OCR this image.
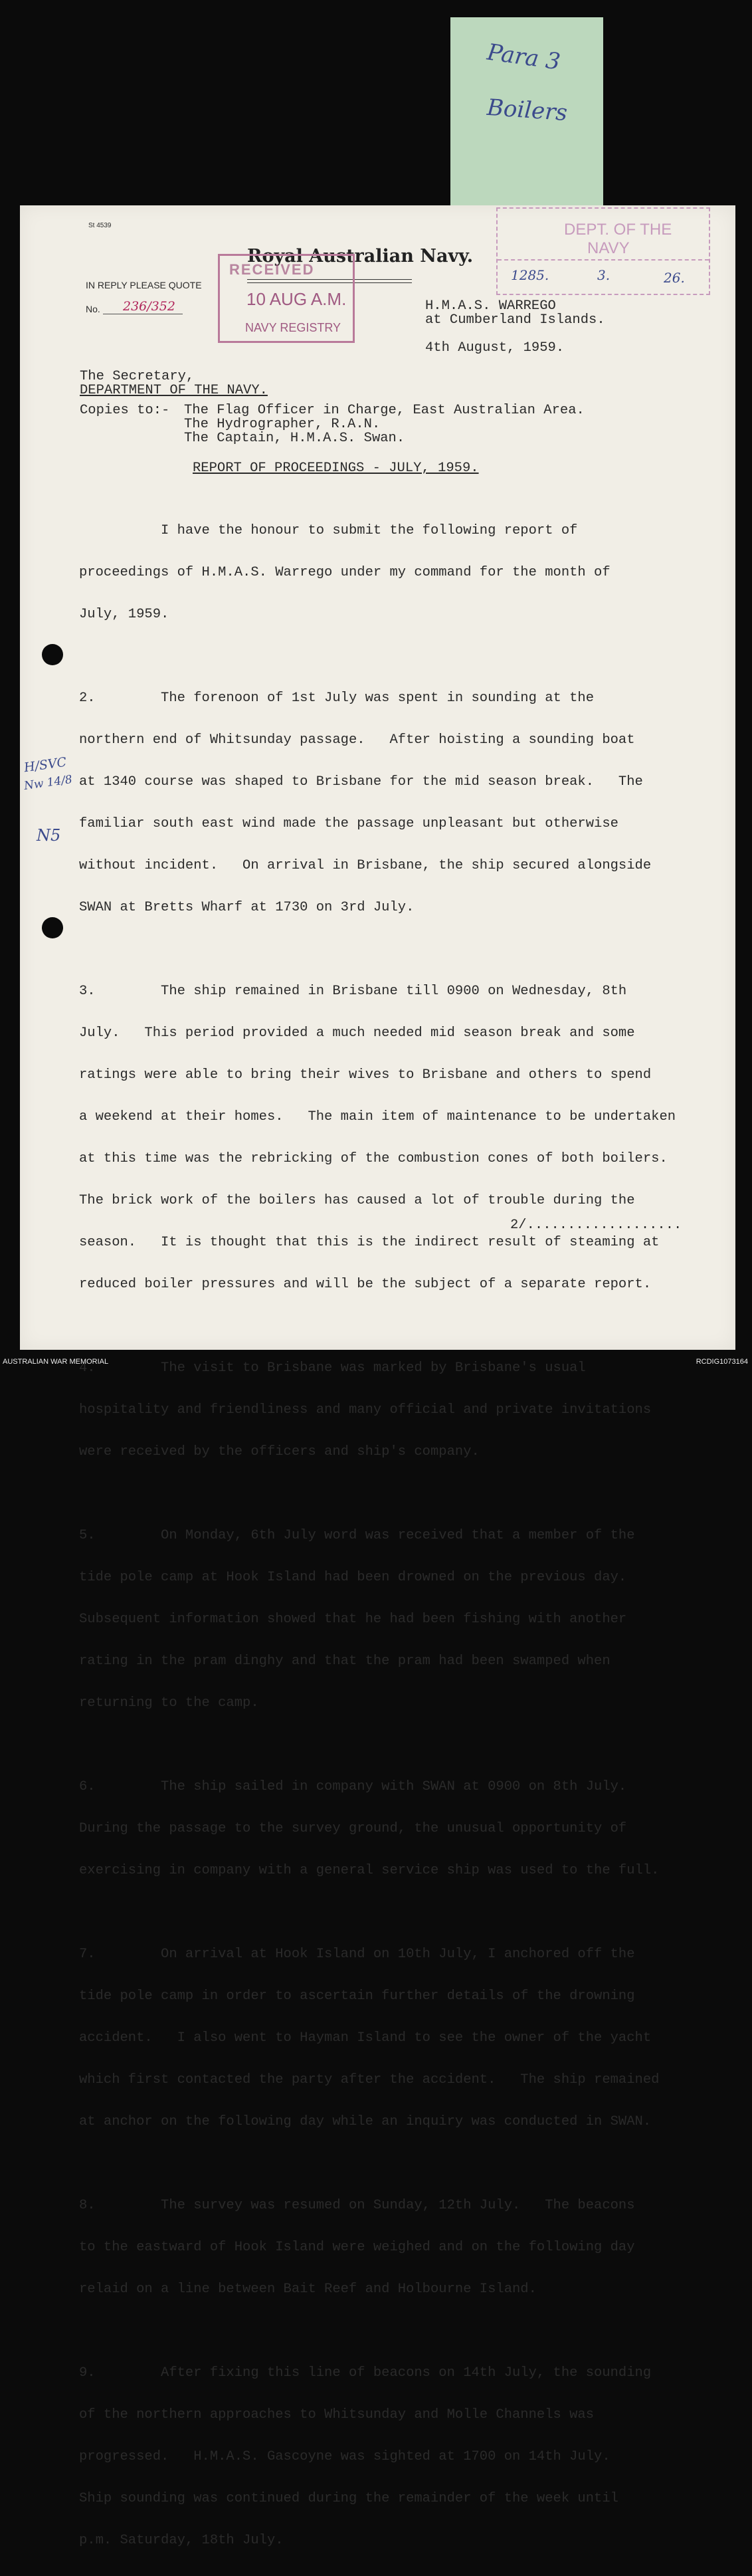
Para 3
Boilers
St 4539
IN REPLY PLEASE QUOTE
No. 236/352
Royal Australian Navy.
RECEIVED
10 AUG A.M.
NAVY REGISTRY
DEPT. OF THE
NAVY
1285.	3.	26.
H.M.A.S. WARREGO
at Cumberland Islands.
4th August, 1959.
The Secretary,
DEPARTMENT OF THE NAVY.
Copies to:- The Flag Officer in Charge, East Australian Area.
The Hydrographer, R.A.N.
The Captain, H.M.A.S. Swan.
REPORT OF PROCEEDINGS - JULY, 1959.

I have the honour to submit the following report of

proceedings of H.M.A.S. Warrego under my command for the month of

July, 1959.

2.        The forenoon of 1st July was spent in sounding at the

northern end of Whitsunday passage.   After hoisting a sounding boat

at 1340 course was shaped to Brisbane for the mid season break.   The

familiar south east wind made the passage unpleasant but otherwise

without incident.   On arrival in Brisbane, the ship secured alongside

SWAN at Bretts Wharf at 1730 on 3rd July.

3.        The ship remained in Brisbane till 0900 on Wednesday, 8th

July.   This period provided a much needed mid season break and some

ratings were able to bring their wives to Brisbane and others to spend

a weekend at their homes.   The main item of maintenance to be undertaken

at this time was the rebricking of the combustion cones of both boilers.

The brick work of the boilers has caused a lot of trouble during the

season.   It is thought that this is the indirect result of steaming at

reduced boiler pressures and will be the subject of a separate report.

4.        The visit to Brisbane was marked by Brisbane's usual

hospitality and friendliness and many official and private invitations

were received by the officers and ship's company.

5.        On Monday, 6th July word was received that a member of the

tide pole camp at Hook Island had been drowned on the previous day.

Subsequent information showed that he had been fishing with another

rating in the pram dinghy and that the pram had been swamped when

returning to the camp.

6.        The ship sailed in company with SWAN at 0900 on 8th July.

During the passage to the survey ground, the unusual opportunity of

exercising in company with a general service ship was used to the full.

7.        On arrival at Hook Island on 10th July, I anchored off the

tide pole camp in order to ascertain further details of the drowning

accident.   I also went to Hayman Island to see the owner of the yacht

which first contacted the party after the accident.   The ship remained

at anchor on the following day while an inquiry was conducted in SWAN.

8.        The survey was resumed on Sunday, 12th July.   The beacons

to the eastward of Hook Island were weighed and on the following day

relaid on a line between Bait Reef and Holbourne Island.

9.        After fixing this line of beacons on 14th July, the sounding

of the northern approaches to Whitsunday and Molle Channels was

progressed.   H.M.A.S. Gascoyne was sighted at 1700 on 14th July.

Ship sounding was continued during the remainder of the week until

p.m. Saturday, 18th July.

H/SVC
Nw 14/8
N5
2/...................
AUSTRALIAN WAR MEMORIAL	RCDIG1073164
